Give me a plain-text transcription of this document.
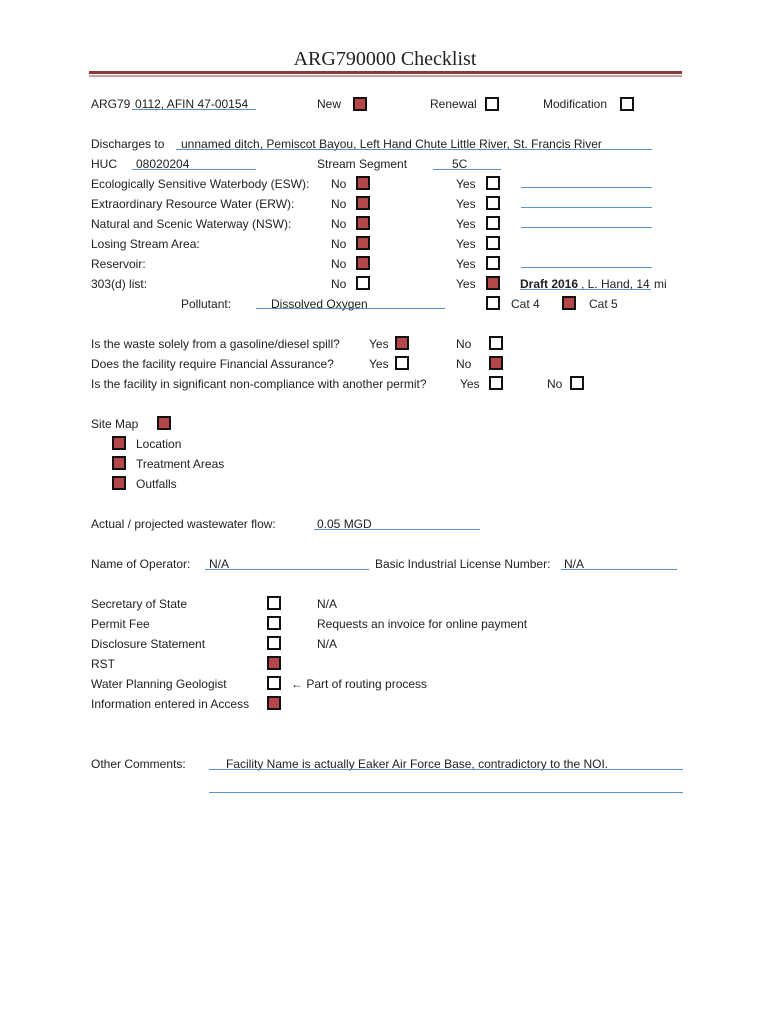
ARG790000 Checklist
ARG79 0112, AFIN 47-00154	New	Renewal	Modification
Discharges to unnamed ditch, Pemiscot Bayou, Left Hand Chute Little River, St. Francis River
HUC 08020204	Stream Segment	5C
Ecologically Sensitive Waterbody (ESW): No	Yes
Extraordinary Resource Water (ERW):	No	Yes
Natural and Scenic Waterway (NSW):	No	Yes
Losing Stream Area:	No	Yes
Reservoir:	No	Yes
303(d) list:	No	Yes	Draft 2016 , L. Hand, 14 mi
Pollutant:	Dissolved Oxygen	Cat 4	Cat 5
Is the waste solely from a gasoline/diesel spill? Yes	No
Does the facility require Financial Assurance?	Yes	No
Is the facility in significant non-compliance with another permit?	Yes	No
Site Map
Location
Treatment Areas
Outfalls
Actual / projected wastewater flow:	0.05 MGD
Name of Operator: N/A	Basic Industrial License Number: N/A
Secretary of State	N/A
Permit Fee	Requests an invoice for online payment
Disclosure Statement	N/A
RST
Water Planning Geologist	← Part of routing process
Information entered in Access
Other Comments:	Facility Name is actually Eaker Air Force Base, contradictory to the NOI.
